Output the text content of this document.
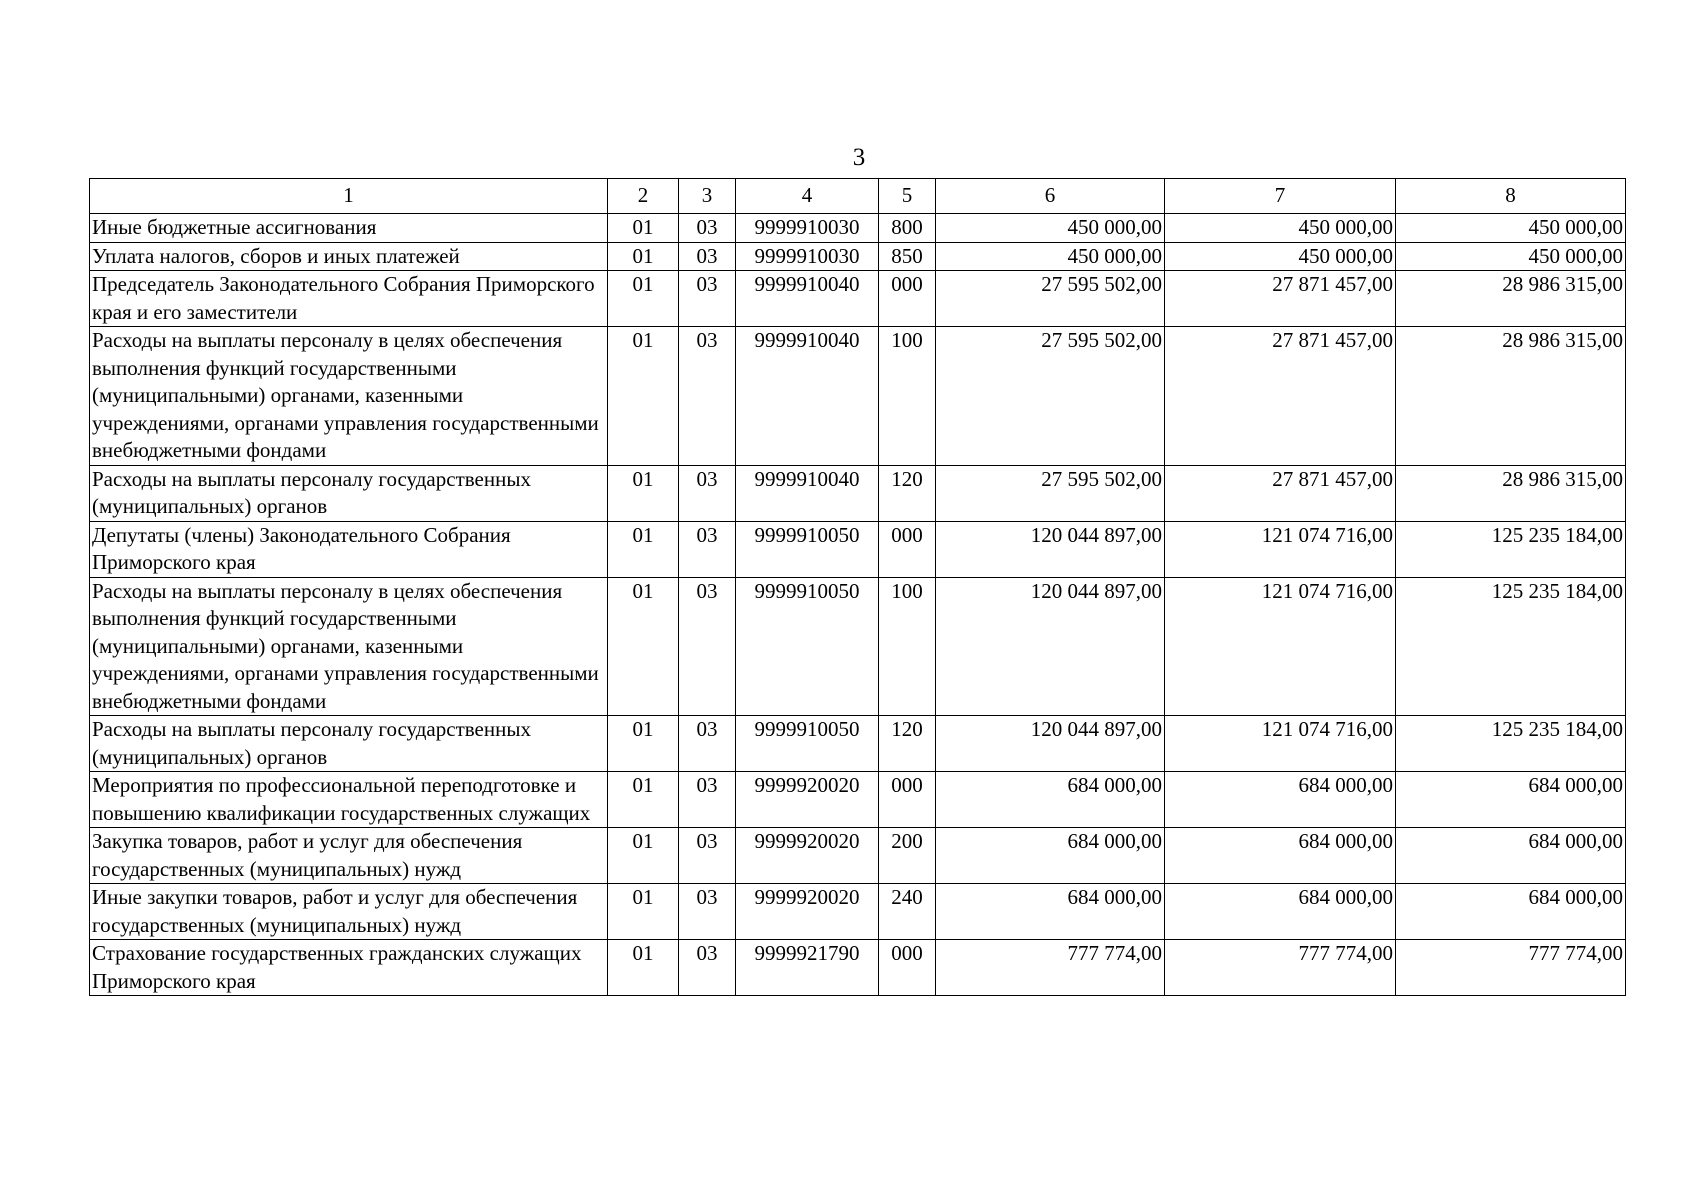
3
1	2	3	4	5	6	7	8
Иные бюджетные ассигнования	01	03	9999910030	800	450 000,00	450 000,00	450 000,00
Уплата налогов, сборов и иных платежей	01	03	9999910030	850	450 000,00	450 000,00	450 000,00
Председатель Законодательного Собрания Приморского края и его заместители	01	03	9999910040	000	27 595 502,00	27 871 457,00	28 986 315,00
Расходы на выплаты персоналу в целях обеспечения выполнения функций государственными (муниципальными) органами, казенными учреждениями, органами управления государственными внебюджетными фондами	01	03	9999910040	100	27 595 502,00	27 871 457,00	28 986 315,00
Расходы на выплаты персоналу государственных (муниципальных) органов	01	03	9999910040	120	27 595 502,00	27 871 457,00	28 986 315,00
Депутаты (члены) Законодательного Собрания Приморского края	01	03	9999910050	000	120 044 897,00	121 074 716,00	125 235 184,00
Расходы на выплаты персоналу в целях обеспечения выполнения функций государственными (муниципальными) органами, казенными учреждениями, органами управления государственными внебюджетными фондами	01	03	9999910050	100	120 044 897,00	121 074 716,00	125 235 184,00
Расходы на выплаты персоналу государственных (муниципальных) органов	01	03	9999910050	120	120 044 897,00	121 074 716,00	125 235 184,00
Мероприятия по профессиональной переподготовке и повышению квалификации государственных служащих	01	03	9999920020	000	684 000,00	684 000,00	684 000,00
Закупка товаров, работ и услуг для обеспечения государственных (муниципальных) нужд	01	03	9999920020	200	684 000,00	684 000,00	684 000,00
Иные закупки товаров, работ и услуг для обеспечения государственных (муниципальных) нужд	01	03	9999920020	240	684 000,00	684 000,00	684 000,00
Страхование государственных гражданских служащих Приморского края	01	03	9999921790	000	777 774,00	777 774,00	777 774,00
